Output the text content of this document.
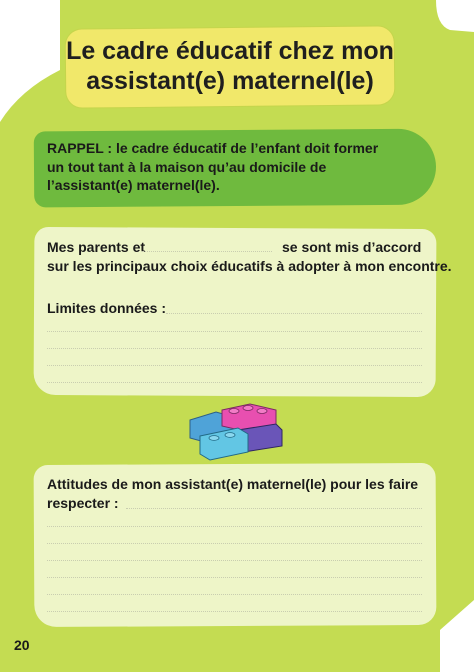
Le cadre éducatif chez mon
assistant(e) maternel(le)
RAPPEL : le cadre éducatif de l’enfant doit former
un tout tant à la maison qu’au domicile de
l’assistant(e) maternel(le).
Mes parents et	se sont mis d’accord
sur les principaux choix éducatifs à adopter à mon encontre.
Limites données :
Attitudes de mon assistant(e) maternel(le) pour les faire
respecter :
20
